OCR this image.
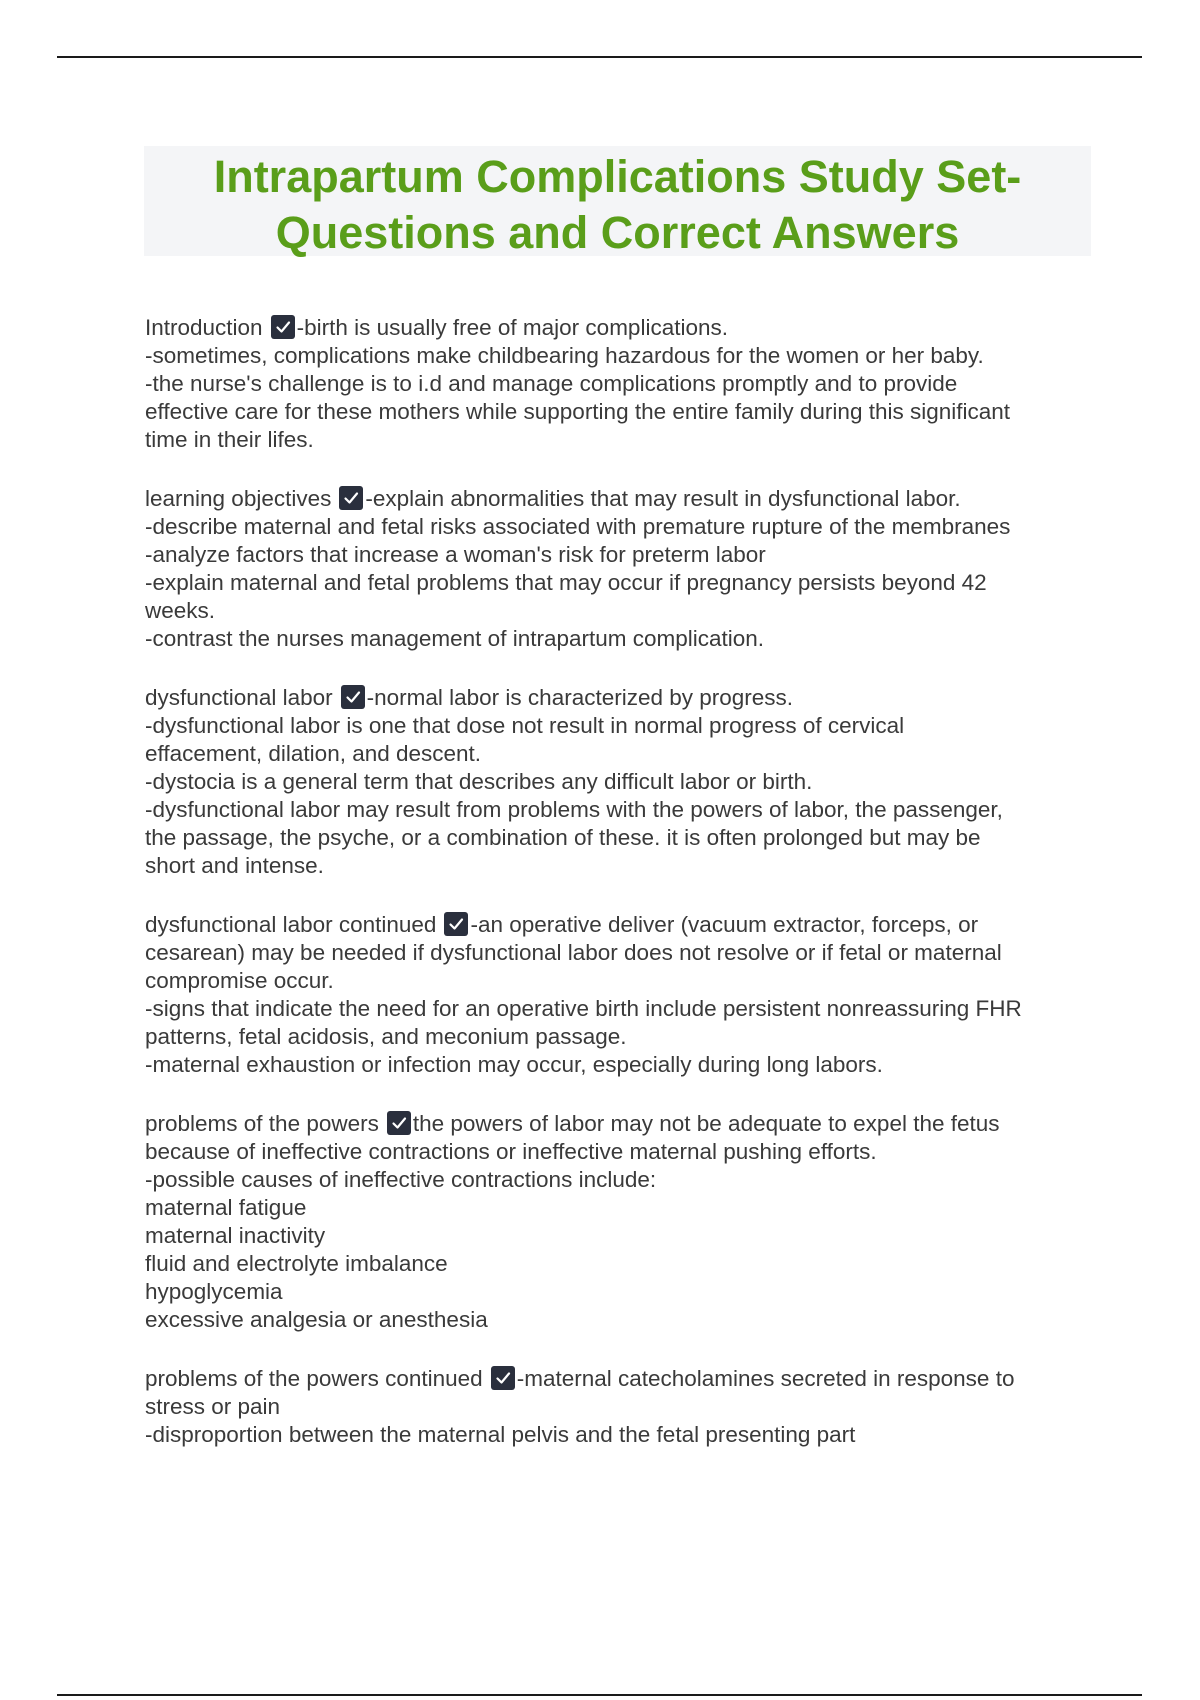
Intrapartum Complications Study Set-
Questions and Correct Answers
Introduction -birth is usually free of major complications.
-sometimes, complications make childbearing hazardous for the women or her baby.
-the nurse's challenge is to i.d and manage complications promptly and to provide
effective care for these mothers while supporting the entire family during this significant
time in their lifes.
learning objectives -explain abnormalities that may result in dysfunctional labor.
-describe maternal and fetal risks associated with premature rupture of the membranes
-analyze factors that increase a woman's risk for preterm labor
-explain maternal and fetal problems that may occur if pregnancy persists beyond 42
weeks.
-contrast the nurses management of intrapartum complication.
dysfunctional labor -normal labor is characterized by progress.
-dysfunctional labor is one that dose not result in normal progress of cervical
effacement, dilation, and descent.
-dystocia is a general term that describes any difficult labor or birth.
-dysfunctional labor may result from problems with the powers of labor, the passenger,
the passage, the psyche, or a combination of these. it is often prolonged but may be
short and intense.
dysfunctional labor continued -an operative deliver (vacuum extractor, forceps, or
cesarean) may be needed if dysfunctional labor does not resolve or if fetal or maternal
compromise occur.
-signs that indicate the need for an operative birth include persistent nonreassuring FHR
patterns, fetal acidosis, and meconium passage.
-maternal exhaustion or infection may occur, especially during long labors.
problems of the powers the powers of labor may not be adequate to expel the fetus
because of ineffective contractions or ineffective maternal pushing efforts.
-possible causes of ineffective contractions include:
maternal fatigue
maternal inactivity
fluid and electrolyte imbalance
hypoglycemia
excessive analgesia or anesthesia
problems of the powers continued -maternal catecholamines secreted in response to
stress or pain
-disproportion between the maternal pelvis and the fetal presenting part
